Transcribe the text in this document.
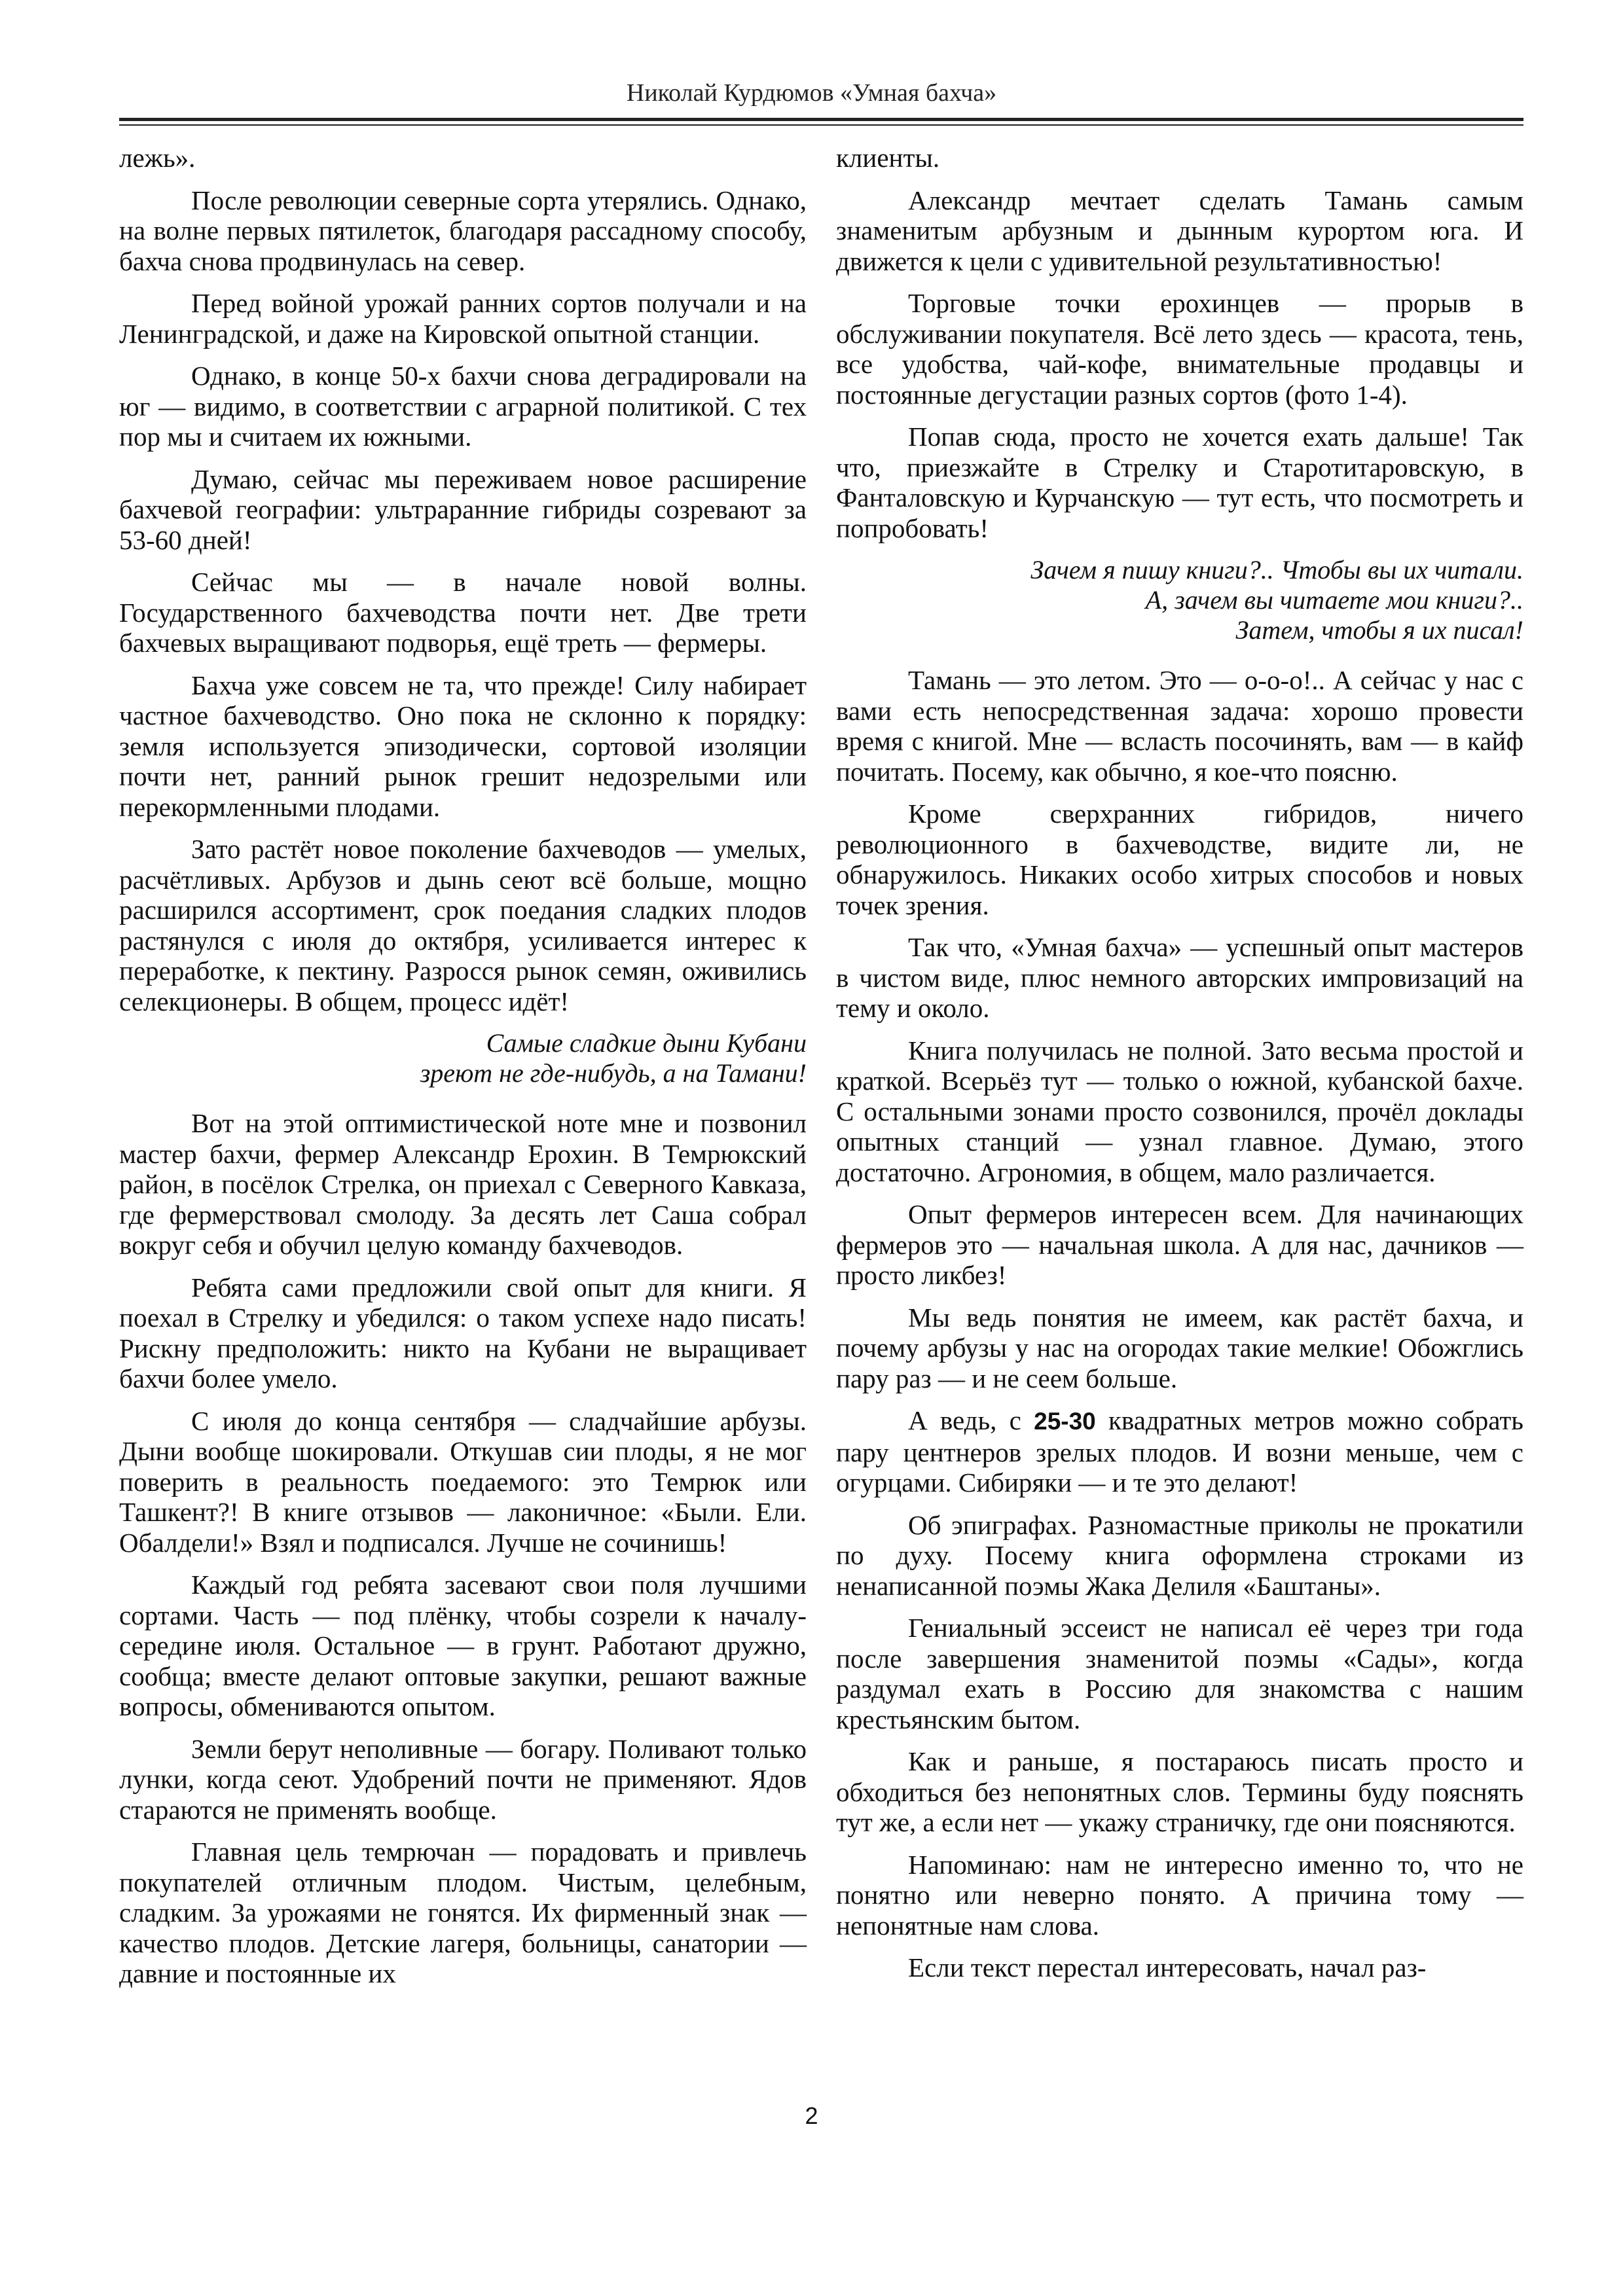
Николай Курдюмов «Умная бахча»

лежь».

После революции северные сорта утерялись. Однако, на волне первых пятилеток, благодаря рассадному способу, бахча снова продвинулась на север.

Перед войной урожай ранних сортов получали и на Ленинградской, и даже на Кировской опытной станции.

Однако, в конце 50-х бахчи снова деградировали на юг — видимо, в соответствии с аграрной политикой. С тех пор мы и считаем их южными.

Думаю, сейчас мы переживаем новое расширение бахчевой географии: ультраранние гибриды созревают за 53-60 дней!

Сейчас мы — в начале новой волны. Государственного бахчеводства почти нет. Две трети бахчевых выращивают подворья, ещё треть — фермеры.

Бахча уже совсем не та, что прежде! Силу набирает частное бахчеводство. Оно пока не склонно к порядку: земля используется эпизодически, сортовой изоляции почти нет, ранний рынок грешит недозрелыми или перекормленными плодами.

Зато растёт новое поколение бахчеводов — умелых, расчётливых. Арбузов и дынь сеют всё больше, мощно расширился ассортимент, срок поедания сладких плодов растянулся с июля до октября, усиливается интерес к переработке, к пектину. Разросся рынок семян, оживились селекционеры. В общем, процесс идёт!

Самые сладкие дыни Кубани
зреют не где-нибудь, а на Тамани!

Вот на этой оптимистической ноте мне и позвонил мастер бахчи, фермер Александр Ерохин. В Темрюкский район, в посёлок Стрелка, он приехал с Северного Кавказа, где фермерствовал смолоду. За десять лет Саша собрал вокруг себя и обучил целую команду бахчеводов.

Ребята сами предложили свой опыт для книги. Я поехал в Стрелку и убедился: о таком успехе надо писать! Рискну предположить: никто на Кубани не выращивает бахчи более умело.

С июля до конца сентября — сладчайшие арбузы. Дыни вообще шокировали. Откушав сии плоды, я не мог поверить в реальность поедаемого: это Темрюк или Ташкент?! В книге отзывов — лаконичное: «Были. Ели. Обалдели!» Взял и подписался. Лучше не сочинишь!

Каждый год ребята засевают свои поля лучшими сортами. Часть — под плёнку, чтобы созрели к началу-середине июля. Остальное — в грунт. Работают дружно, сообща; вместе делают оптовые закупки, решают важные вопросы, обмениваются опытом.

Земли берут неполивные — богару. Поливают только лунки, когда сеют. Удобрений почти не применяют. Ядов стараются не применять вообще.

Главная цель темрючан — порадовать и привлечь покупателей отличным плодом. Чистым, целебным, сладким. За урожаями не гонятся. Их фирменный знак — качество плодов. Детские лагеря, больницы, санатории — давние и постоянные их

клиенты.

Александр мечтает сделать Тамань самым знаменитым арбузным и дынным курортом юга. И движется к цели с удивительной результативностью!

Торговые точки ерохинцев — прорыв в обслуживании покупателя. Всё лето здесь — красота, тень, все удобства, чай-кофе, внимательные продавцы и постоянные дегустации разных сортов (фото 1-4).

Попав сюда, просто не хочется ехать дальше! Так что, приезжайте в Стрелку и Старотитаровскую, в Фанталовскую и Курчанскую — тут есть, что посмотреть и попробовать!

Зачем я пишу книги?.. Чтобы вы их читали.
А, зачем вы читаете мои книги?..
Затем, чтобы я их писал!

Тамань — это летом. Это — о-о-о!.. А сейчас у нас с вами есть непосредственная задача: хорошо провести время с книгой. Мне — всласть посочинять, вам — в кайф почитать. Посему, как обычно, я кое-что поясню.

Кроме сверхранних гибридов, ничего революционного в бахчеводстве, видите ли, не обнаружилось. Никаких особо хитрых способов и новых точек зрения.

Так что, «Умная бахча» — успешный опыт мастеров в чистом виде, плюс немного авторских импровизаций на тему и около.

Книга получилась не полной. Зато весьма простой и краткой. Всерьёз тут — только о южной, кубанской бахче. С остальными зонами просто созвонился, прочёл доклады опытных станций — узнал главное. Думаю, этого достаточно. Агрономия, в общем, мало различается.

Опыт фермеров интересен всем. Для начинающих фермеров это — начальная школа. А для нас, дачников — просто ликбез!

Мы ведь понятия не имеем, как растёт бахча, и почему арбузы у нас на огородах такие мелкие! Обожглись пару раз — и не сеем больше.

А ведь, с 25-30 квадратных метров можно собрать пару центнеров зрелых плодов. И возни меньше, чем с огурцами. Сибиряки — и те это делают!

Об эпиграфах. Разномастные приколы не прокатили по духу. Посему книга оформлена строками из ненаписанной поэмы Жака Делиля «Баштаны».

Гениальный эссеист не написал её через три года после завершения знаменитой поэмы «Сады», когда раздумал ехать в Россию для знакомства с нашим крестьянским бытом.

Как и раньше, я постараюсь писать просто и обходиться без непонятных слов. Термины буду пояснять тут же, а если нет — укажу страничку, где они поясняются.

Напоминаю: нам не интересно именно то, что не понятно или неверно понято. А причина тому — непонятные нам слова.

Если текст перестал интересовать, начал раз-

2
